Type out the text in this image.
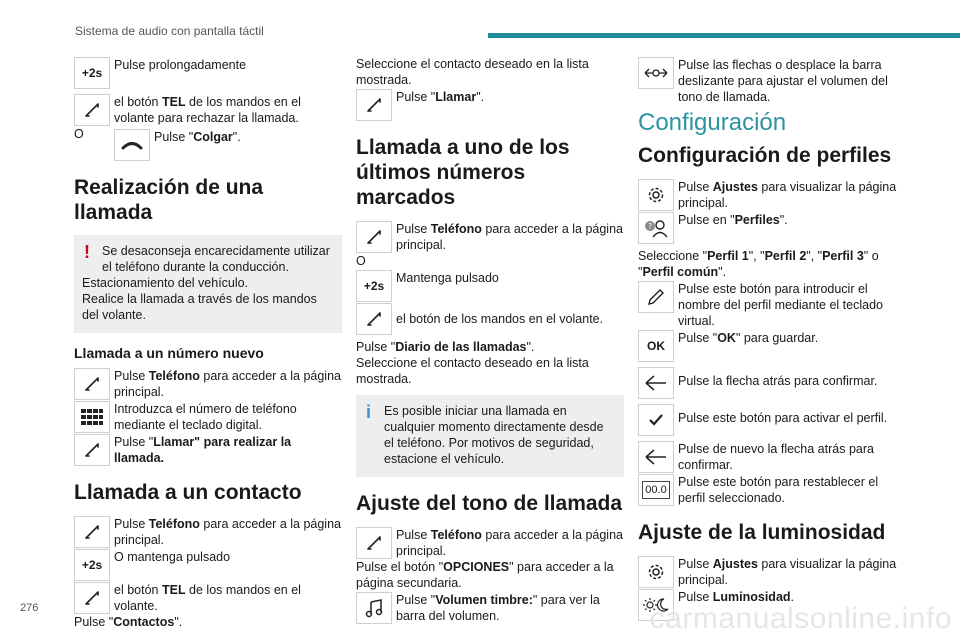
Sistema de audio con pantalla táctil
+2s
Pulse prolongadamente
el botón TEL de los mandos en el volante para rechazar la llamada.
O	Pulse "Colgar".
Realización de una llamada
! Se desaconseja encarecidamente utilizar el teléfono durante la conducción.

Estacionamiento del vehículo.

Realice la llamada a través de los mandos del volante.

Llamada a un número nuevo
Pulse Teléfono para acceder a la página principal.
Introduzca el número de teléfono mediante el teclado digital.
Pulse "Llamar" para realizar la llamada.
Llamada a un contacto
Pulse Teléfono para acceder a la página principal.
+2s
O mantenga pulsado
el botón TEL de los mandos en el volante.
Pulse "Contactos".

Seleccione el contacto deseado en la lista mostrada.

Pulse "Llamar".
Llamada a uno de los últimos números marcados
Pulse Teléfono para acceder a la página principal.
O
+2s
Mantenga pulsado
el botón de los mandos en el volante.
Pulse "Diario de las llamadas".

Seleccione el contacto deseado en la lista mostrada.

i	Es posible iniciar una llamada en cualquier momento directamente desde el teléfono. Por motivos de seguridad, estacione el vehículo.

Ajuste del tono de llamada
Pulse Teléfono para acceder a la página principal.
Pulse el botón "OPCIONES" para acceder a la página secundaria.
Pulse "Volumen timbre:" para ver la barra del volumen.
Pulse las flechas o desplace la barra deslizante para ajustar el volumen del tono de llamada.
Configuración
Configuración de perfiles
Pulse Ajustes para visualizar la página principal.
? Pulse en "Perfiles".
Seleccione "Perfil 1", "Perfil 2", "Perfil 3" o "Perfil común".
Pulse este botón para introducir el nombre del perfil mediante el teclado virtual.
OK
Pulse "OK" para guardar.
Pulse la flecha atrás para confirmar.
Pulse este botón para activar el perfil.
Pulse de nuevo la flecha atrás para confirmar.
00.0
Pulse este botón para restablecer el perfil seleccionado.
Ajuste de la luminosidad
Pulse Ajustes para visualizar la página principal.
Pulse Luminosidad.
276	carmanualsonline.info
